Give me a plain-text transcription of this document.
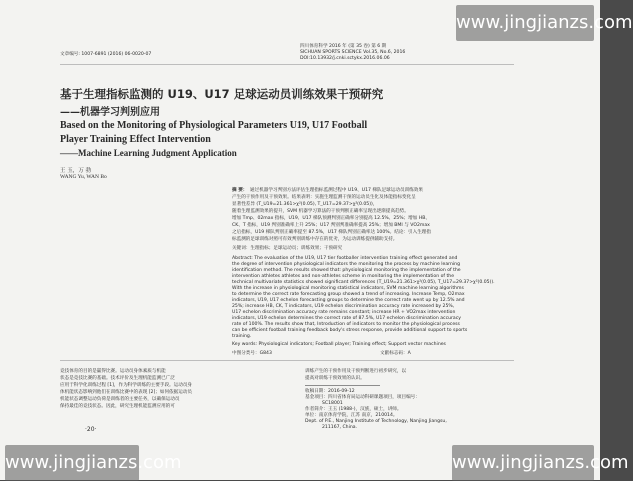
文章编号: 1007-6891 (2016) 06-0020-07
四川体育科学 2016 年 (第 35 卷) 第 6 期
SICHUAN SPORTS SCIENCE Vol.35, No.6, 2016
DOI:10.13932/j.cnki.sctykx.2016.06.06
基于生理指标监测的 U19、U17 足球运动员训练效果干预研究
——机器学习判别应用
Based on the Monitoring of Physiological Parameters U19, U17 Football
Player Training Effect Intervention
——Machine Learning Judgment Application
王 玉，万 勃
WANG Yu, WAN Bo
摘 要： 通过机器学习判别方法评估生理指标监测过程中 U19、U17 梯队足球运动员训练效果
产生的干预作用及干预效果。结果表明：实施生理监测干预的运动员生化及体能指标变化呈
显著性差异 (T_U19=21.361>χ²(0.05), T_U17=29.37>χ²(0.05))，
随着生理监测效果的提升，SVM 机器学习算法的干预判断正确率呈现出逐渐提高趋势。
增加 Tmp、02max 指标，U19、U17 梯队预测判别正确率分别提高 12.5%、25%；增加 HB、
CK、T 指标，U19 判别准确率上升 25%；U17 判别判准确率提高 25%；增加 BMI 与 VO2max
之后指标，U19 梯队判别正确率提至 87.5%，U17 梯队判别正确率达 100%。结论：引入生理指
标监测的足球训练对照可有效判别训练中存在的优劣，为运动训练提供辅助支持。
关键词：生理指标；足球运动员；训练效果；干预研究
Abstract: The evaluation of the U19, U17 tier footballer intervention training effect generated and
the degree of intervention physiological indicators the monitoring the process by machine learning
identification method. The results showed that: physiological monitoring the implementation of the
intervention athletes athletes and non-athletes scheme in monitoring the implementation of the
technical multivariate statistics showed significant differences (T_U19=21.361>χ²(0.05), T_U17=29.37>χ²(0.05)).
With the increase in physiological monitoring statistical indicators, SVM machine learning algorithms
to determine the correct rate forecasting group showed a trend of increasing. Increase Temp, O2max
indicators, U19, U17 echelon forecasting groups to determine the correct rate went up by 12.5% and
25%; increase HB, CK, T indicators, U19 echelon discrimination accuracy rate increased by 25%,
U17 echelon discrimination accuracy rate remains constant; increase HR + VO2max intervention
indicators, U19 echelon determines the correct rate of 87.5%, U17 echelon discrimination accuracy
rate of 100%. The results show that, Introduction of indicators to monitor the physiological process
can be efficient football training feedback body's stress response, provide additional support to sports
training.
Key words: Physiological indicators; Football player; Training effect; Support vector machines
中图分类号：G843	文献标志码：A
竞技体育的目的是赢得比赛。运动员身体素质与机能
状态是竞技比赛的基础。技术评价及生理机能监测已广泛
应用于科学化训练过程 [1]，作为科学训练的主要手段。运动员身
体机能状态影响到他们在训练比赛中的表现 [2]；如何依据运动员
机能状态调整运动负荷是训练者的主要任务，以确保运动员
保持最佳的竞技状态。因此，研究生理机能监测应用的可
训练产生的干预作用及干预判断进行初步研究，以
提高对训练干预效果的认识。
收稿日期：2016-09-12
基金项目：四川省体育局运动科研课题项目，项目编号：
SC18001
作者简介：王玉 (1988-)，汉族，硕士，讲师。
单位：南京体育学院，江苏 南京，210014。
Dept. of P.E., Nanjing Institute of Technology, Nanjing Jiangsu,
211167, China.
·20·
www.jingjianzs.com
www.jingjianzs.com	www.jingjianzs.com
